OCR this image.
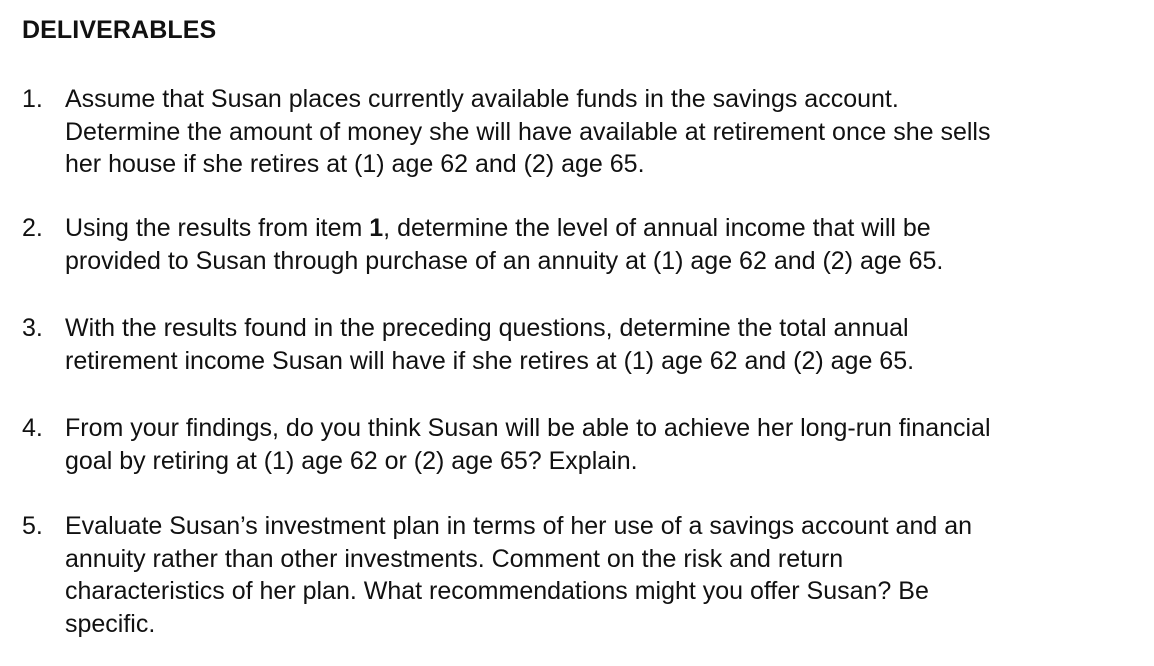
DELIVERABLES
1. Assume that Susan places currently available funds in the savings account.
Determine the amount of money she will have available at retirement once she sells
her house if she retires at (1) age 62 and (2) age 65.
2. Using the results from item 1, determine the level of annual income that will be
provided to Susan through purchase of an annuity at (1) age 62 and (2) age 65.
3. With the results found in the preceding questions, determine the total annual
retirement income Susan will have if she retires at (1) age 62 and (2) age 65.
4. From your findings, do you think Susan will be able to achieve her long-run financial
goal by retiring at (1) age 62 or (2) age 65? Explain.
5. Evaluate Susan’s investment plan in terms of her use of a savings account and an
annuity rather than other investments. Comment on the risk and return
characteristics of her plan. What recommendations might you offer Susan? Be
specific.
